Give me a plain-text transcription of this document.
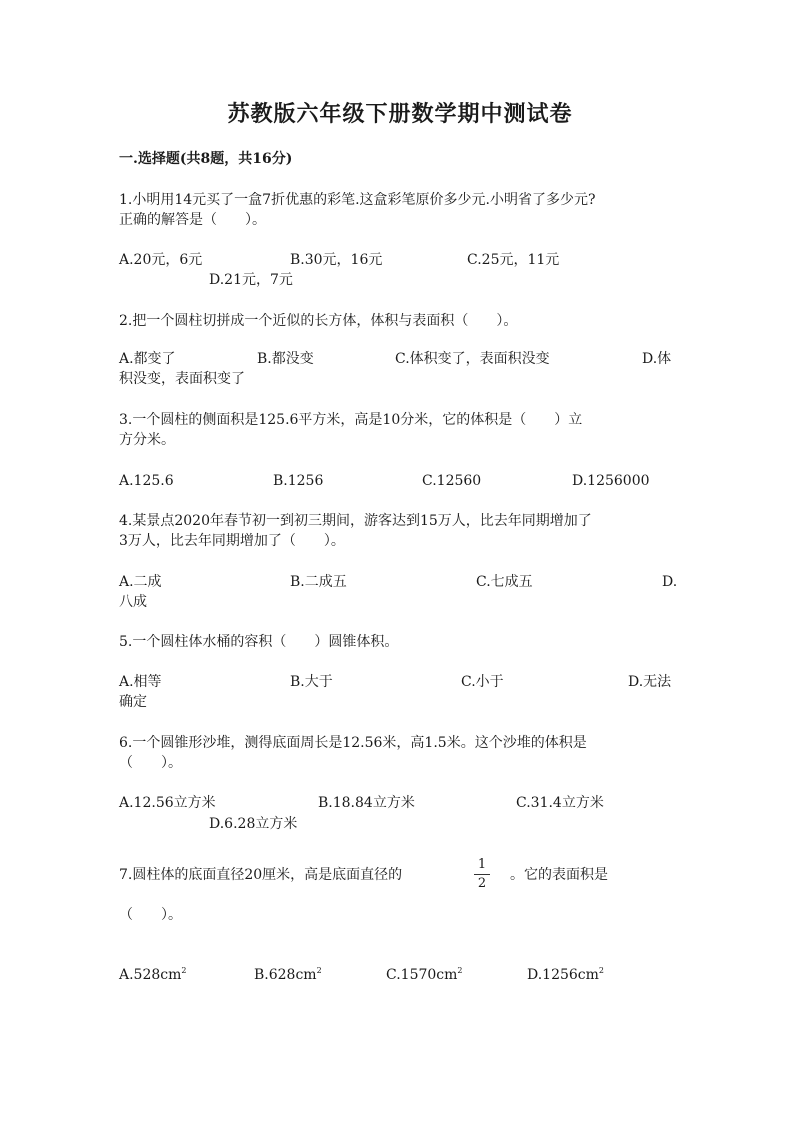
苏教版六年级下册数学期中测试卷
一.选择题(共8题，共16分)
1.小明用14元买了一盒7折优惠的彩笔.这盒彩笔原价多少元.小明省了多少元?
正确的解答是（　　）。
A.20元，6元	B.30元，16元	C.25元，11元
D.21元，7元
2.把一个圆柱切拼成一个近似的长方体，体积与表面积（　　）。
A.都变了	B.都没变	C.体积变了，表面积没变	D.体
积没变，表面积变了
3.一个圆柱的侧面积是125.6平方米，高是10分米，它的体积是（　　）立
方分米。
A.125.6	B.1256	C.12560	D.1256000
4.某景点2020年春节初一到初三期间，游客达到15万人，比去年同期增加了
3万人，比去年同期增加了（　　）。
A.二成	B.二成五	C.七成五	D.
八成
5.一个圆柱体水桶的容积（　　）圆锥体积。
A.相等	B.大于	C.小于	D.无法
确定
6.一个圆锥形沙堆，测得底面周长是12.56米，高1.5米。这个沙堆的体积是
（　　）。
A.12.56立方米	B.18.84立方米	C.31.4立方米
D.6.28立方米
7.圆柱体的底面直径20厘米，高是底面直径的
1
2
。它的表面积是
（　　）。
$A.528cm^2$	$B.628cm^2$	$C.1570cm^2$	$D.1256cm^2$
